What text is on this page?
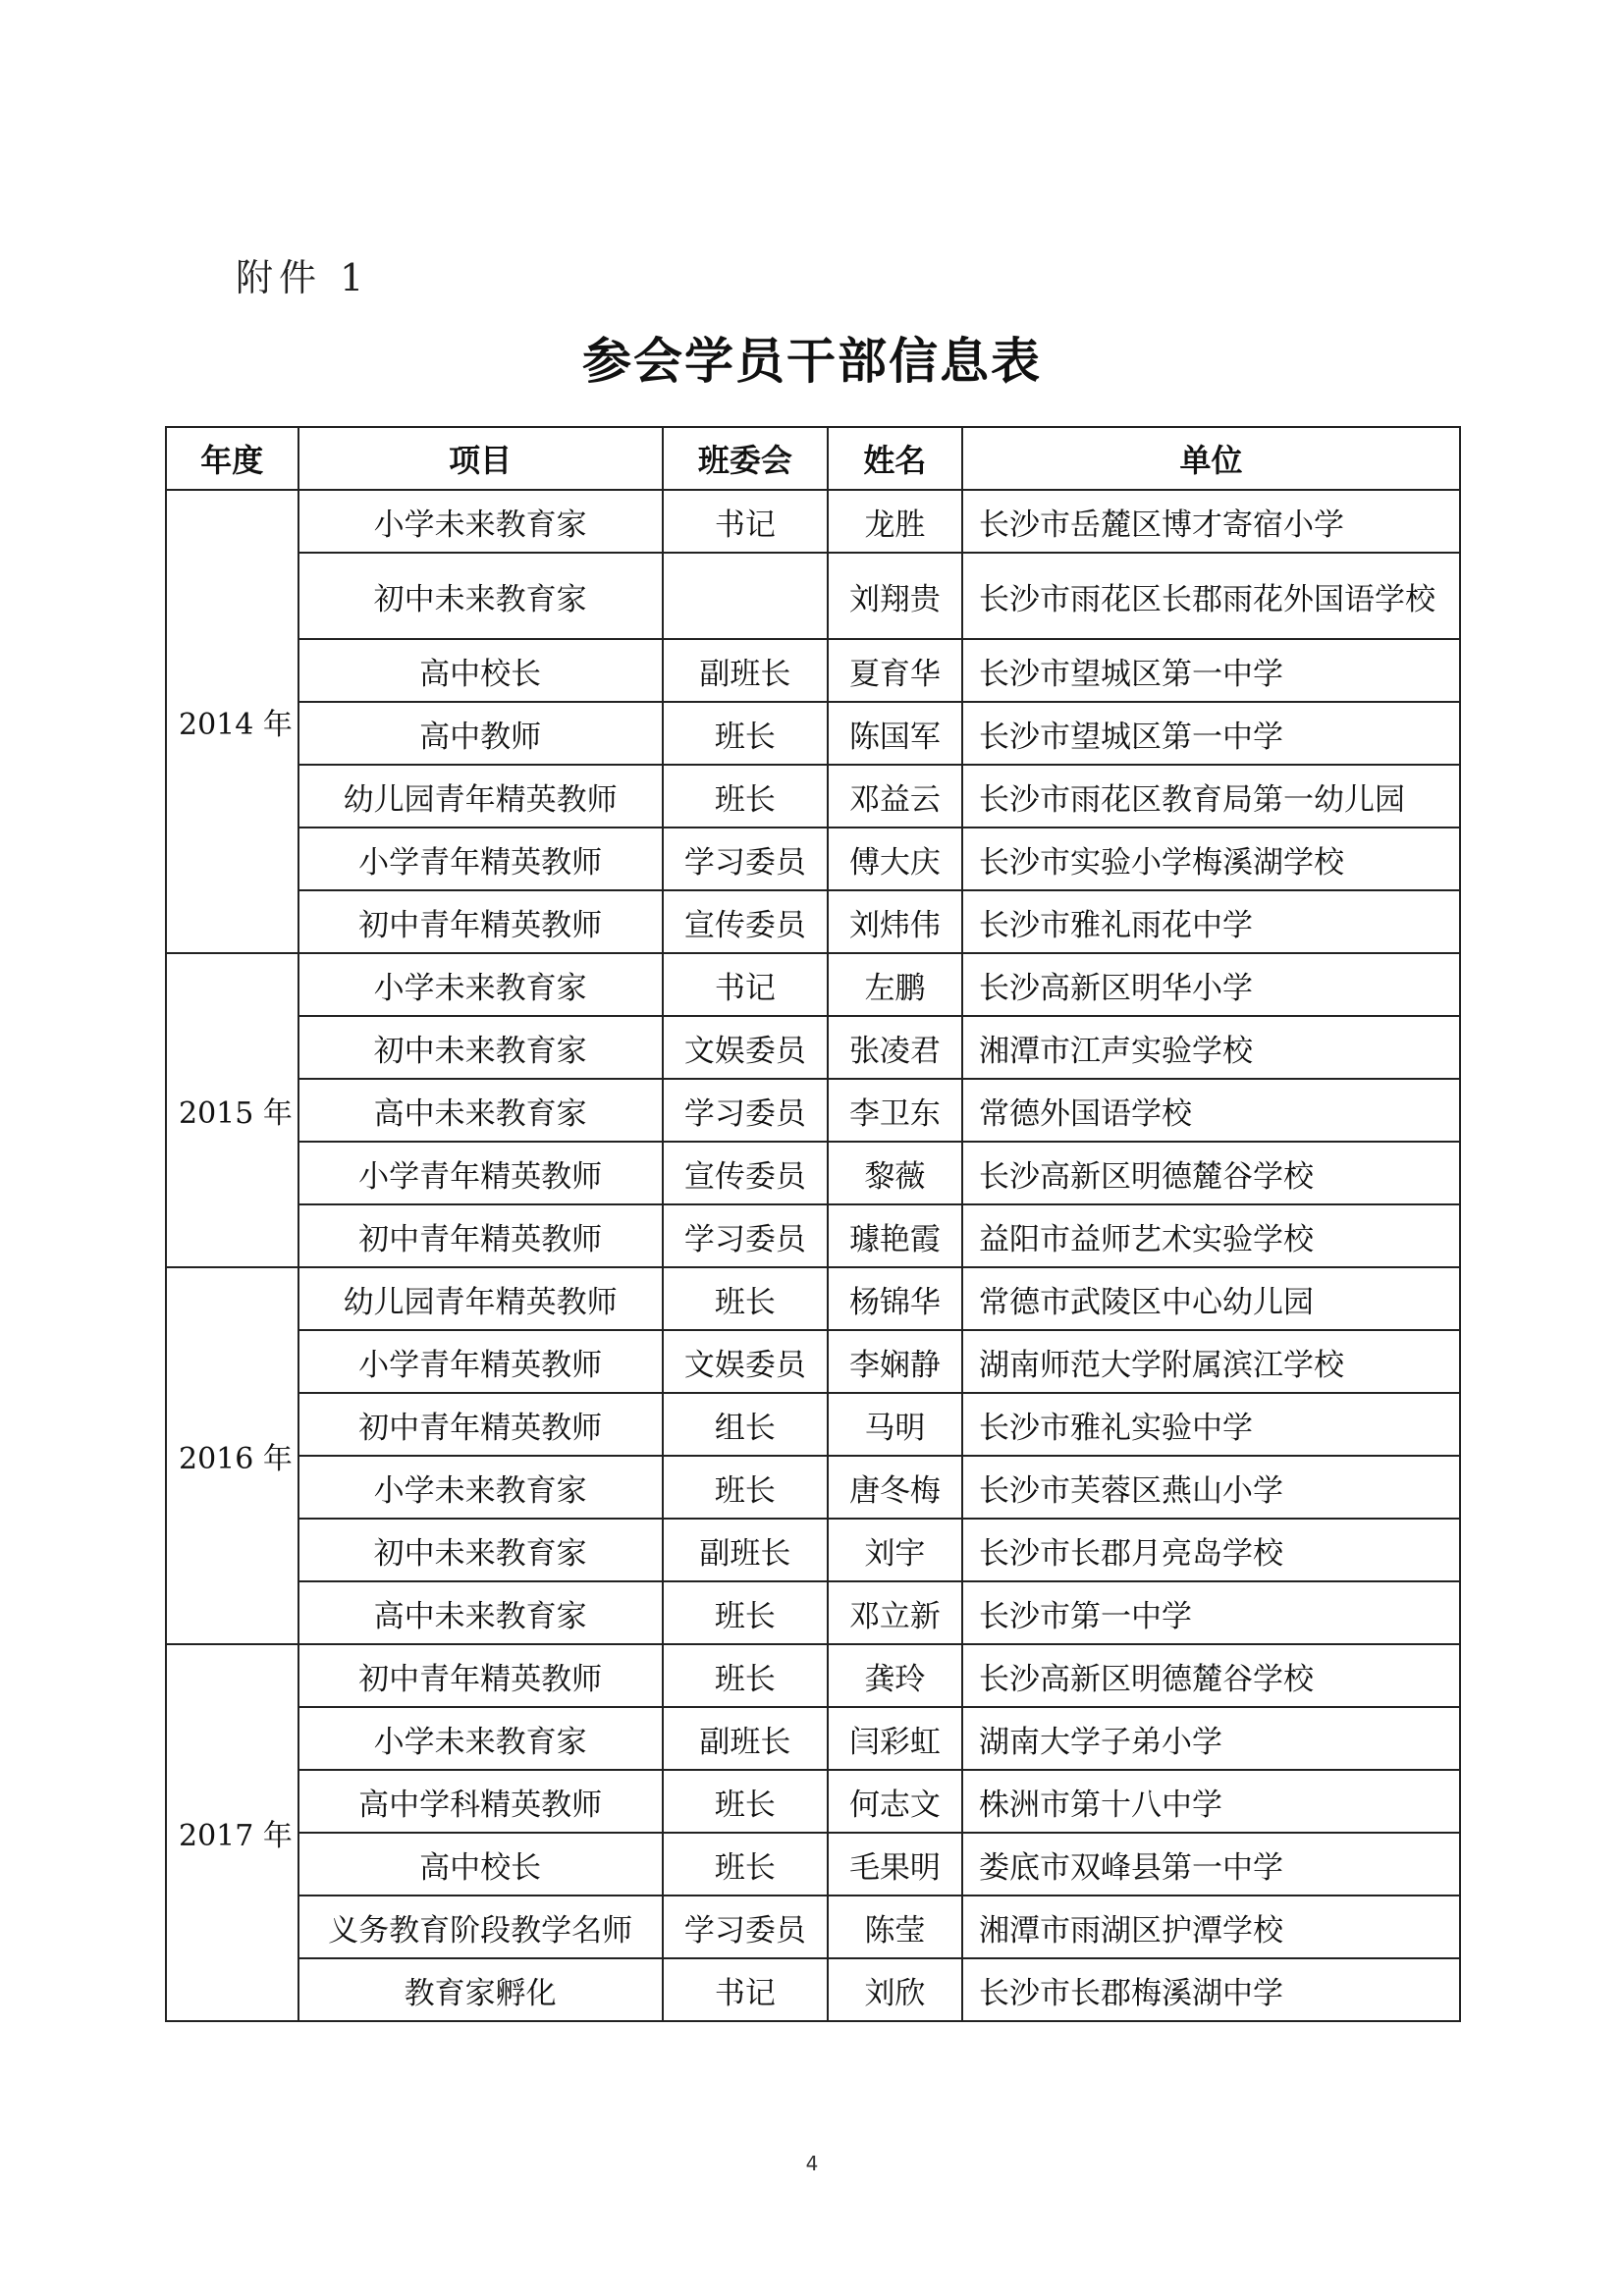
附件 1
参会学员干部信息表
年度	项目	班委会	姓名	单位
2014 年	小学未来教育家	书记	龙胜	长沙市岳麓区博才寄宿小学
	初中未来教育家		刘翔贵	长沙市雨花区长郡雨花外国语学校
	高中校长	副班长	夏育华	长沙市望城区第一中学
	高中教师	班长	陈国军	长沙市望城区第一中学
	幼儿园青年精英教师	班长	邓益云	长沙市雨花区教育局第一幼儿园
	小学青年精英教师	学习委员	傅大庆	长沙市实验小学梅溪湖学校
	初中青年精英教师	宣传委员	刘炜伟	长沙市雅礼雨花中学
2015 年	小学未来教育家	书记	左鹏	长沙高新区明华小学
	初中未来教育家	文娱委员	张凌君	湘潭市江声实验学校
	高中未来教育家	学习委员	李卫东	常德外国语学校
	小学青年精英教师	宣传委员	黎薇	长沙高新区明德麓谷学校
	初中青年精英教师	学习委员	璩艳霞	益阳市益师艺术实验学校
2016 年	幼儿园青年精英教师	班长	杨锦华	常德市武陵区中心幼儿园
	小学青年精英教师	文娱委员	李娴静	湖南师范大学附属滨江学校
	初中青年精英教师	组长	马明	长沙市雅礼实验中学
	小学未来教育家	班长	唐冬梅	长沙市芙蓉区燕山小学
	初中未来教育家	副班长	刘宇	长沙市长郡月亮岛学校
	高中未来教育家	班长	邓立新	长沙市第一中学
2017 年	初中青年精英教师	班长	龚玲	长沙高新区明德麓谷学校
	小学未来教育家	副班长	闫彩虹	湖南大学子弟小学
	高中学科精英教师	班长	何志文	株洲市第十八中学
	高中校长	班长	毛果明	娄底市双峰县第一中学
	义务教育阶段教学名师	学习委员	陈莹	湘潭市雨湖区护潭学校
	教育家孵化	书记	刘欣	长沙市长郡梅溪湖中学
4
